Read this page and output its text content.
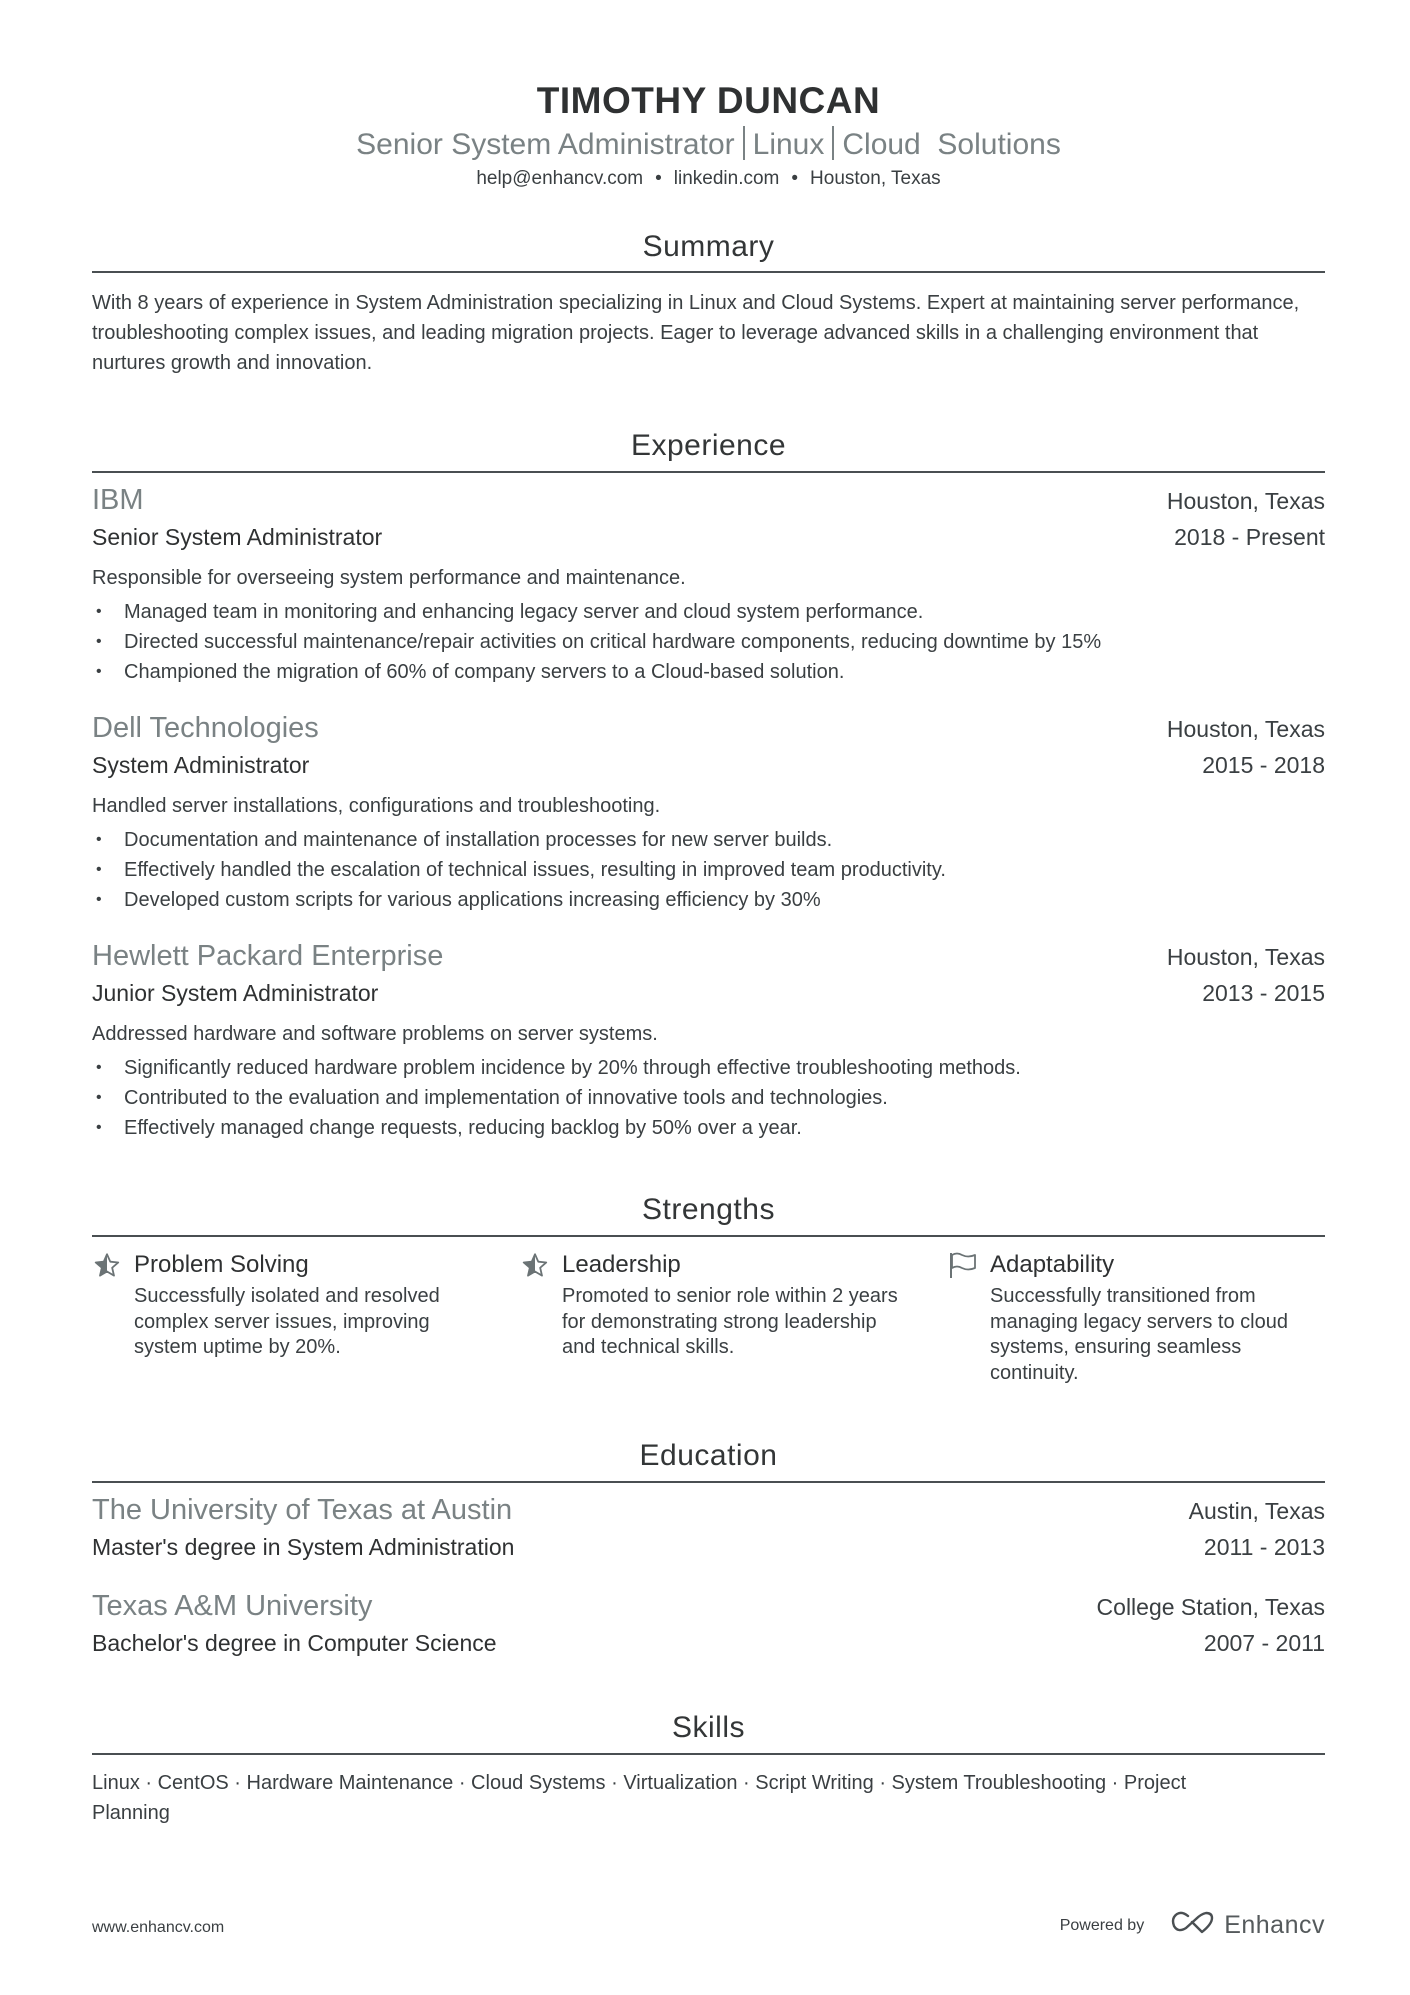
TIMOTHY DUNCAN
Senior System Administrator Linux Cloud  Solutions
help@enhancv.com • linkedin.com • Houston, Texas
Summary
With 8 years of experience in System Administration specializing in Linux and Cloud Systems. Expert at maintaining server performance, troubleshooting complex issues, and leading migration projects. Eager to leverage advanced skills in a challenging environment that nurtures growth and innovation.
Experience
IBM	Houston, Texas
Senior System Administrator	2018 - Present
Responsible for overseeing system performance and maintenance.
• Managed team in monitoring and enhancing legacy server and cloud system performance.
• Directed successful maintenance/repair activities on critical hardware components, reducing downtime by 15%
• Championed the migration of 60% of company servers to a Cloud-based solution.
Dell Technologies	Houston, Texas
System Administrator	2015 - 2018
Handled server installations, configurations and troubleshooting.
• Documentation and maintenance of installation processes for new server builds.
• Effectively handled the escalation of technical issues, resulting in improved team productivity.
• Developed custom scripts for various applications increasing efficiency by 30%
Hewlett Packard Enterprise	Houston, Texas
Junior System Administrator	2013 - 2015
Addressed hardware and software problems on server systems.
• Significantly reduced hardware problem incidence by 20% through effective troubleshooting methods.
• Contributed to the evaluation and implementation of innovative tools and technologies.
• Effectively managed change requests, reducing backlog by 50% over a year.
Strengths
Problem Solving
Successfully isolated and resolved complex server issues, improving system uptime by 20%.
Leadership
Promoted to senior role within 2 years for demonstrating strong leadership and technical skills.
Adaptability
Successfully transitioned from managing legacy servers to cloud systems, ensuring seamless continuity.
Education
The University of Texas at Austin	Austin, Texas
Master's degree in System Administration	2011 - 2013
Texas A&M University	College Station, Texas
Bachelor's degree in Computer Science	2007 - 2011
Skills
Linux · CentOS · Hardware Maintenance · Cloud Systems · Virtualization · Script Writing · System Troubleshooting · Project Planning
www.enhancv.com	Powered by	Enhancv
